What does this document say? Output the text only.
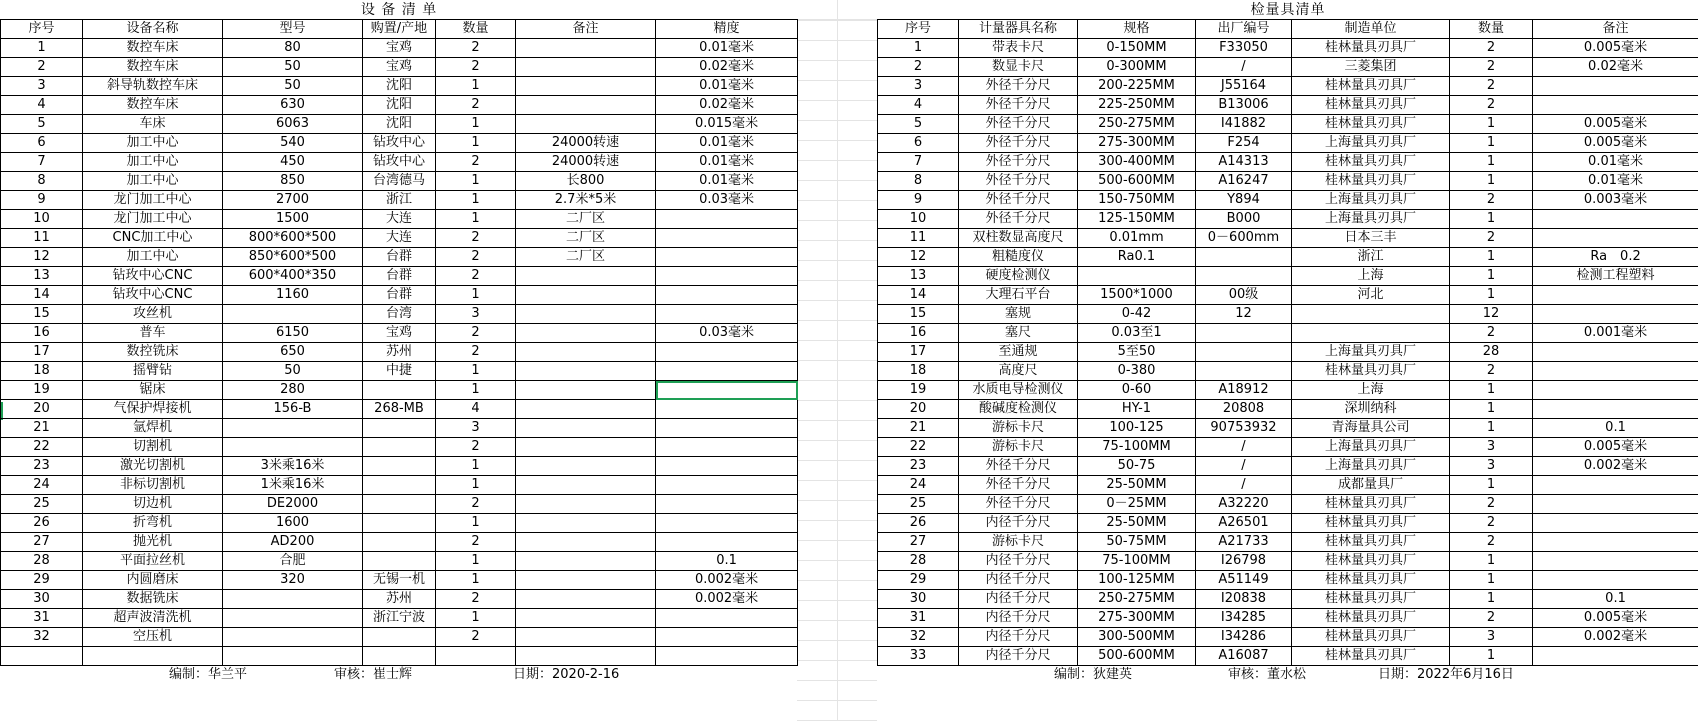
设 备 清 单						
序号	设备名称	型号	购置/产地	数量	备注	精度
1	数控车床	80	宝鸡	2		0.01毫米
2	数控车床	50	宝鸡	2		0.02毫米
3	斜导轨数控车床	50	沈阳	1		0.01毫米
4	数控车床	630	沈阳	2		0.02毫米
5	车床	6063	沈阳	1		0.015毫米
6	加工中心	540	钻玫中心	1	24000转速	0.01毫米
7	加工中心	450	钻玫中心	2	24000转速	0.01毫米
8	加工中心	850	台湾德马	1	长800	0.01毫米
9	龙门加工中心	2700	浙江	1	2.7米*5米	0.03毫米
10	龙门加工中心	1500	大连	1	二厂区	
11	CNC加工中心	800*600*500	大连	2	二厂区	
12	加工中心	850*600*500	台群	2	二厂区	
13	钻玫中心CNC	600*400*350	台群	2		
14	钻玫中心CNC	1160	台群	1		
15	攻丝机		台湾	3		
16	普车	6150	宝鸡	2		0.03毫米
17	数控铣床	650	苏州	2		
18	摇臂钻	50	中捷	1		
19	锯床	280		1		
20	气保护焊接机	156-B	268-MB	4		
21	氩焊机			3		
22	切割机			2		
23	激光切割机	3米乘16米		1		
24	非标切割机	1米乘16米		1		
25	切边机	DE2000		2		
26	折弯机	1600		1		
27	抛光机	AD200		2		
28	平面拉丝机	合肥		1		0.1
29	内圆磨床	320	无锡一机	1		0.002毫米
30	数据铣床		苏州	2		0.002毫米
31	超声波清洗机		浙江宁波	1		
32	空压机			2		

编制：华兰平 审核：崔士辉 日期：2020-2-16						
检量具清单						
序号	计量器具名称	规格	出厂编号	制造单位	数量	备注
1	带表卡尺	0-150MM	F33050	桂林量具刃具厂	2	0.005毫米
2	数显卡尺	0-300MM	/	三菱集团	2	0.02毫米
3	外径千分尺	200-225MM	J55164	桂林量具刃具厂	2	
4	外径千分尺	225-250MM	B13006	桂林量具刃具厂	2	
5	外径千分尺	250-275MM	I41882	桂林量具刃具厂	1	0.005毫米
6	外径千分尺	275-300MM	F254	上海量具刃具厂	1	0.005毫米
7	外径千分尺	300-400MM	A14313	桂林量具刃具厂	1	0.01毫米
8	外径千分尺	500-600MM	A16247	桂林量具刃具厂	1	0.01毫米
9	外径千分尺	150-750MM	Y894	上海量具刃具厂	2	0.003毫米
10	外径千分尺	125-150MM	B000	上海量具刃具厂	1	
11	双柱数显高度尺	0.01mm	0－600mm	日本三丰	2	
12	粗糙度仪	Ra0.1		浙江	1	Ra　0.2
13	硬度检测仪			上海	1	检测工程塑料
14	大理石平台	1500*1000	00级	河北	1	
15	塞规	0-42	12		12	
16	塞尺	0.03至1			2	0.001毫米
17	至通规	5至50		上海量具刃具厂	28	
18	高度尺	0-380		桂林量具刃具厂	2	
19	水质电导检测仪	0-60	A18912	上海	1	
20	酸碱度检测仪	HY-1	20808	深圳纳科	1	
21	游标卡尺	100-125	90753932	青海量具公司	1	0.1
22	游标卡尺	75-100MM	/	上海量具刃具厂	3	0.005毫米
23	外径千分尺	50-75	/	上海量具刃具厂	3	0.002毫米
24	外径千分尺	25-50MM	/	成都量具厂	1	
25	外径千分尺	0－25MM	A32220	桂林量具刃具厂	2	
26	内径千分尺	25-50MM	A26501	桂林量具刃具厂	2	
27	游标卡尺	50-75MM	A21733	桂林量具刃具厂	2	
28	内径千分尺	75-100MM	I26798	桂林量具刃具厂	1	
29	内径千分尺	100-125MM	A51149	桂林量具刃具厂	1	
30	内径千分尺	250-275MM	I20838	桂林量具刃具厂	1	0.1
31	内径千分尺	275-300MM	I34285	桂林量具刃具厂	2	0.005毫米
32	内径千分尺	300-500MM	I34286	桂林量具刃具厂	3	0.002毫米
33	内径千分尺	500-600MM	A16087	桂林量具刃具厂	1	

编制：狄建英 审核：董水松 日期：2022年6月16日						
